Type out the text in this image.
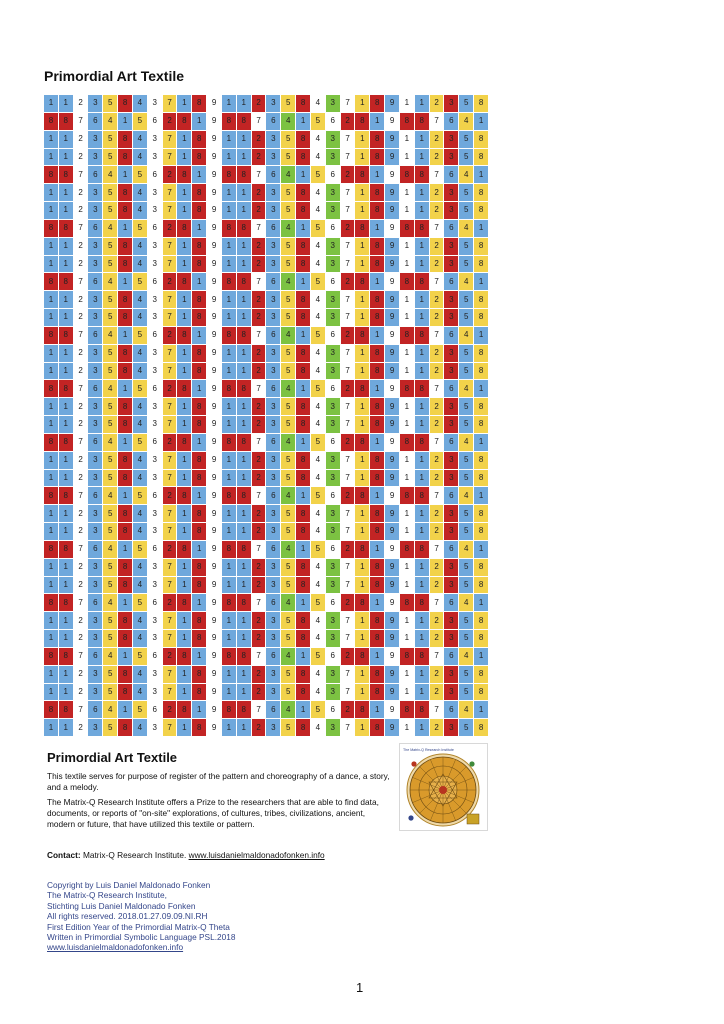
Primordial Art Textile
1	1	2	3	5	8	4	3	7	1	8	9	1	1	2	3	5	8	4	3	7	1	8	9	1	1	2	3	5	8
8	8	7	6	4	1	5	6	2	8	1	9	8	8	7	6	4	1	5	6	2	8	1	9	8	8	7	6	4	1
1	1	2	3	5	8	4	3	7	1	8	9	1	1	2	3	5	8	4	3	7	1	8	9	1	1	2	3	5	8
1	1	2	3	5	8	4	3	7	1	8	9	1	1	2	3	5	8	4	3	7	1	8	9	1	1	2	3	5	8
8	8	7	6	4	1	5	6	2	8	1	9	8	8	7	6	4	1	5	6	2	8	1	9	8	8	7	6	4	1
1	1	2	3	5	8	4	3	7	1	8	9	1	1	2	3	5	8	4	3	7	1	8	9	1	1	2	3	5	8
1	1	2	3	5	8	4	3	7	1	8	9	1	1	2	3	5	8	4	3	7	1	8	9	1	1	2	3	5	8
8	8	7	6	4	1	5	6	2	8	1	9	8	8	7	6	4	1	5	6	2	8	1	9	8	8	7	6	4	1
1	1	2	3	5	8	4	3	7	1	8	9	1	1	2	3	5	8	4	3	7	1	8	9	1	1	2	3	5	8
1	1	2	3	5	8	4	3	7	1	8	9	1	1	2	3	5	8	4	3	7	1	8	9	1	1	2	3	5	8
8	8	7	6	4	1	5	6	2	8	1	9	8	8	7	6	4	1	5	6	2	8	1	9	8	8	7	6	4	1
1	1	2	3	5	8	4	3	7	1	8	9	1	1	2	3	5	8	4	3	7	1	8	9	1	1	2	3	5	8
1	1	2	3	5	8	4	3	7	1	8	9	1	1	2	3	5	8	4	3	7	1	8	9	1	1	2	3	5	8
8	8	7	6	4	1	5	6	2	8	1	9	8	8	7	6	4	1	5	6	2	8	1	9	8	8	7	6	4	1
1	1	2	3	5	8	4	3	7	1	8	9	1	1	2	3	5	8	4	3	7	1	8	9	1	1	2	3	5	8
1	1	2	3	5	8	4	3	7	1	8	9	1	1	2	3	5	8	4	3	7	1	8	9	1	1	2	3	5	8
8	8	7	6	4	1	5	6	2	8	1	9	8	8	7	6	4	1	5	6	2	8	1	9	8	8	7	6	4	1
1	1	2	3	5	8	4	3	7	1	8	9	1	1	2	3	5	8	4	3	7	1	8	9	1	1	2	3	5	8
1	1	2	3	5	8	4	3	7	1	8	9	1	1	2	3	5	8	4	3	7	1	8	9	1	1	2	3	5	8
8	8	7	6	4	1	5	6	2	8	1	9	8	8	7	6	4	1	5	6	2	8	1	9	8	8	7	6	4	1
1	1	2	3	5	8	4	3	7	1	8	9	1	1	2	3	5	8	4	3	7	1	8	9	1	1	2	3	5	8
1	1	2	3	5	8	4	3	7	1	8	9	1	1	2	3	5	8	4	3	7	1	8	9	1	1	2	3	5	8
8	8	7	6	4	1	5	6	2	8	1	9	8	8	7	6	4	1	5	6	2	8	1	9	8	8	7	6	4	1
1	1	2	3	5	8	4	3	7	1	8	9	1	1	2	3	5	8	4	3	7	1	8	9	1	1	2	3	5	8
1	1	2	3	5	8	4	3	7	1	8	9	1	1	2	3	5	8	4	3	7	1	8	9	1	1	2	3	5	8
8	8	7	6	4	1	5	6	2	8	1	9	8	8	7	6	4	1	5	6	2	8	1	9	8	8	7	6	4	1
1	1	2	3	5	8	4	3	7	1	8	9	1	1	2	3	5	8	4	3	7	1	8	9	1	1	2	3	5	8
1	1	2	3	5	8	4	3	7	1	8	9	1	1	2	3	5	8	4	3	7	1	8	9	1	1	2	3	5	8
8	8	7	6	4	1	5	6	2	8	1	9	8	8	7	6	4	1	5	6	2	8	1	9	8	8	7	6	4	1
1	1	2	3	5	8	4	3	7	1	8	9	1	1	2	3	5	8	4	3	7	1	8	9	1	1	2	3	5	8
1	1	2	3	5	8	4	3	7	1	8	9	1	1	2	3	5	8	4	3	7	1	8	9	1	1	2	3	5	8
8	8	7	6	4	1	5	6	2	8	1	9	8	8	7	6	4	1	5	6	2	8	1	9	8	8	7	6	4	1
1	1	2	3	5	8	4	3	7	1	8	9	1	1	2	3	5	8	4	3	7	1	8	9	1	1	2	3	5	8
1	1	2	3	5	8	4	3	7	1	8	9	1	1	2	3	5	8	4	3	7	1	8	9	1	1	2	3	5	8
8	8	7	6	4	1	5	6	2	8	1	9	8	8	7	6	4	1	5	6	2	8	1	9	8	8	7	6	4	1
1	1	2	3	5	8	4	3	7	1	8	9	1	1	2	3	5	8	4	3	7	1	8	9	1	1	2	3	5	8
Primordial Art Textile

This textile serves for purpose of register of the pattern and choreography of a dance, a story, and a melody.

The Matrix-Q Research Institute offers a Prize to the researchers that are able to find data, documents, or reports of "on-site" explorations, of cultures, tribes, civilizations, ancient, modern or future, that have utilized this textile or pattern.

Contact: Matrix-Q Research Institute. www.luisdanielmaldonadofonken.info

Copyright by Luis Daniel Maldonado Fonken
The Matrix-Q Research Institute,
Stichting Luis Daniel Maldonado Fonken
All rights reserved. 2018.01.27.09.09.NI.RH
First Edition Year of the Primordial Matrix-Q Theta
Written in Primordial Symbolic Language PSL.2018
www.luisdanielmaldonadofonken.info
The Matrix-Q Research Institute
1
